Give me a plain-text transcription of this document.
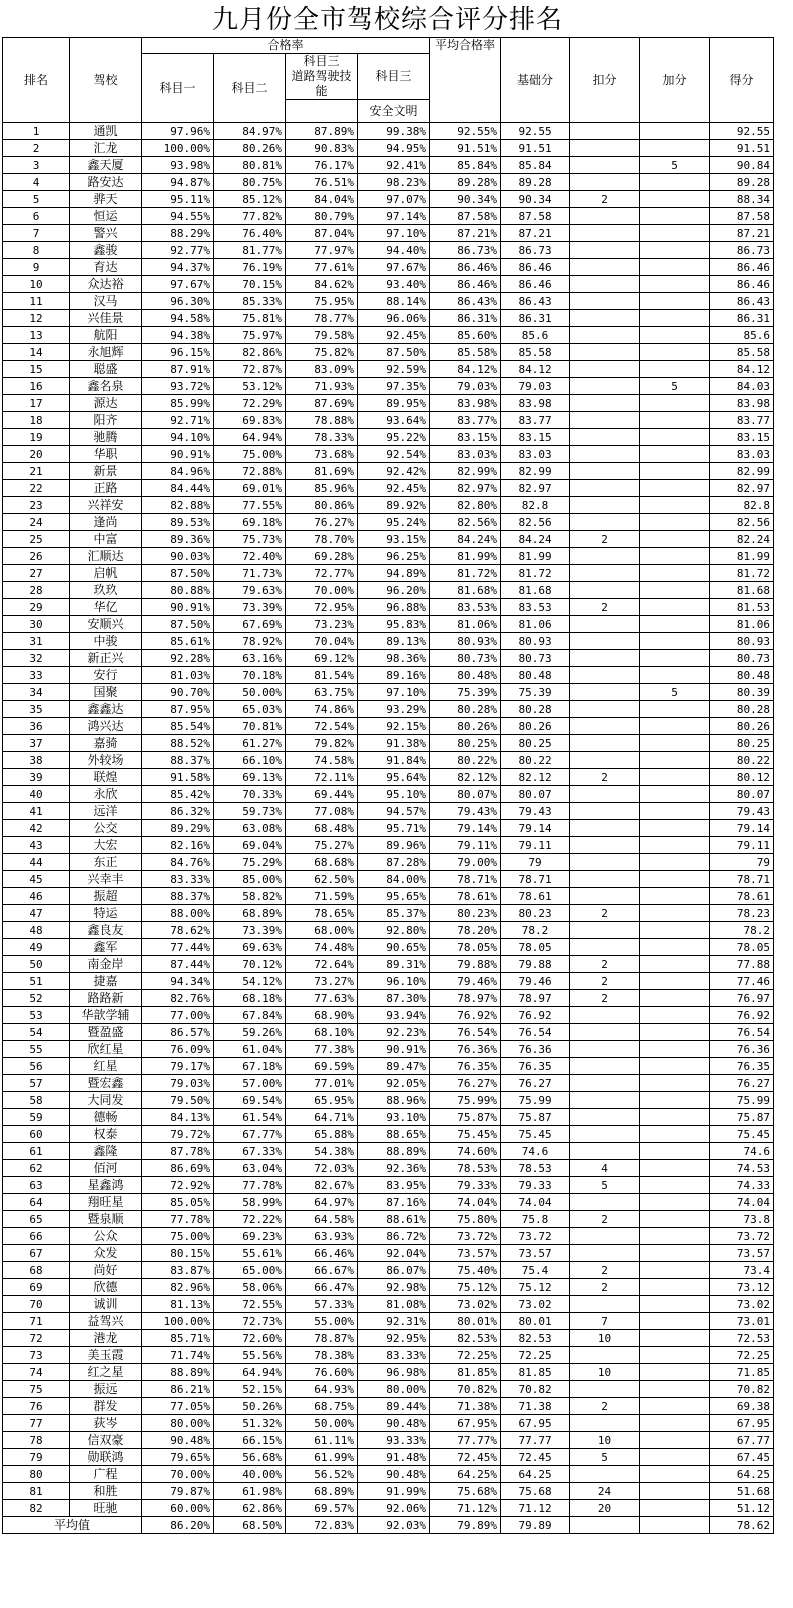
九月份全市驾校综合评分排名
排名	驾校	合格率				平均合格率	基础分	扣分	加分	得分
		科目一	科目二	科目三
道路驾驶技能	科目三					
					安全文明					
1	通凯	97.96%	84.97%	87.89%	99.38%	92.55%	92.55			92.55
2	汇龙	100.00%	80.26%	90.83%	94.95%	91.51%	91.51			91.51
3	鑫天厦	93.98%	80.81%	76.17%	92.41%	85.84%	85.84		5	90.84
4	路安达	94.87%	80.75%	76.51%	98.23%	89.28%	89.28			89.28
5	骅天	95.11%	85.12%	84.04%	97.07%	90.34%	90.34	2		88.34
6	恒运	94.55%	77.82%	80.79%	97.14%	87.58%	87.58			87.58
7	警兴	88.29%	76.40%	87.04%	97.10%	87.21%	87.21			87.21
8	鑫骏	92.77%	81.77%	77.97%	94.40%	86.73%	86.73			86.73
9	育达	94.37%	76.19%	77.61%	97.67%	86.46%	86.46			86.46
10	众达裕	97.67%	70.15%	84.62%	93.40%	86.46%	86.46			86.46
11	汉马	96.30%	85.33%	75.95%	88.14%	86.43%	86.43			86.43
12	兴佳景	94.58%	75.81%	78.77%	96.06%	86.31%	86.31			86.31
13	航阳	94.38%	75.97%	79.58%	92.45%	85.60%	85.6			85.6
14	永旭辉	96.15%	82.86%	75.82%	87.50%	85.58%	85.58			85.58
15	聪盛	87.91%	72.87%	83.09%	92.59%	84.12%	84.12			84.12
16	鑫名泉	93.72%	53.12%	71.93%	97.35%	79.03%	79.03		5	84.03
17	源达	85.99%	72.29%	87.69%	89.95%	83.98%	83.98			83.98
18	阳齐	92.71%	69.83%	78.88%	93.64%	83.77%	83.77			83.77
19	驰腾	94.10%	64.94%	78.33%	95.22%	83.15%	83.15			83.15
20	华职	90.91%	75.00%	73.68%	92.54%	83.03%	83.03			83.03
21	新景	84.96%	72.88%	81.69%	92.42%	82.99%	82.99			82.99
22	正路	84.44%	69.01%	85.96%	92.45%	82.97%	82.97			82.97
23	兴祥安	82.88%	77.55%	80.86%	89.92%	82.80%	82.8			82.8
24	逢尚	89.53%	69.18%	76.27%	95.24%	82.56%	82.56			82.56
25	中富	89.36%	75.73%	78.70%	93.15%	84.24%	84.24	2		82.24
26	汇顺达	90.03%	72.40%	69.28%	96.25%	81.99%	81.99			81.99
27	启帆	87.50%	71.73%	72.77%	94.89%	81.72%	81.72			81.72
28	玖玖	80.88%	79.63%	70.00%	96.20%	81.68%	81.68			81.68
29	华亿	90.91%	73.39%	72.95%	96.88%	83.53%	83.53	2		81.53
30	安顺兴	87.50%	67.69%	73.23%	95.83%	81.06%	81.06			81.06
31	中骏	85.61%	78.92%	70.04%	89.13%	80.93%	80.93			80.93
32	新正兴	92.28%	63.16%	69.12%	98.36%	80.73%	80.73			80.73
33	安行	81.03%	70.18%	81.54%	89.16%	80.48%	80.48			80.48
34	国聚	90.70%	50.00%	63.75%	97.10%	75.39%	75.39		5	80.39
35	鑫鑫达	87.95%	65.03%	74.86%	93.29%	80.28%	80.28			80.28
36	鸿兴达	85.54%	70.81%	72.54%	92.15%	80.26%	80.26			80.26
37	嘉骑	88.52%	61.27%	79.82%	91.38%	80.25%	80.25			80.25
38	外较场	88.37%	66.10%	74.58%	91.84%	80.22%	80.22			80.22
39	联煌	91.58%	69.13%	72.11%	95.64%	82.12%	82.12	2		80.12
40	永欣	85.42%	70.33%	69.44%	95.10%	80.07%	80.07			80.07
41	远洋	86.32%	59.73%	77.08%	94.57%	79.43%	79.43			79.43
42	公交	89.29%	63.08%	68.48%	95.71%	79.14%	79.14			79.14
43	大宏	82.16%	69.04%	75.27%	89.96%	79.11%	79.11			79.11
44	东正	84.76%	75.29%	68.68%	87.28%	79.00%	79			79
45	兴幸丰	83.33%	85.00%	62.50%	84.00%	78.71%	78.71			78.71
46	振超	88.37%	58.82%	71.59%	95.65%	78.61%	78.61			78.61
47	特运	88.00%	68.89%	78.65%	85.37%	80.23%	80.23	2		78.23
48	鑫良友	78.62%	73.39%	68.00%	92.80%	78.20%	78.2			78.2
49	鑫军	77.44%	69.63%	74.48%	90.65%	78.05%	78.05			78.05
50	南金岸	87.44%	70.12%	72.64%	89.31%	79.88%	79.88	2		77.88
51	捷嘉	94.34%	54.12%	73.27%	96.10%	79.46%	79.46	2		77.46
52	路路新	82.76%	68.18%	77.63%	87.30%	78.97%	78.97	2		76.97
53	华歆学辅	77.00%	67.84%	68.90%	93.94%	76.92%	76.92			76.92
54	暨盈盛	86.57%	59.26%	68.10%	92.23%	76.54%	76.54			76.54
55	欣红星	76.09%	61.04%	77.38%	90.91%	76.36%	76.36			76.36
56	红星	79.17%	67.18%	69.59%	89.47%	76.35%	76.35			76.35
57	暨宏鑫	79.03%	57.00%	77.01%	92.05%	76.27%	76.27			76.27
58	大同发	79.50%	69.54%	65.95%	88.96%	75.99%	75.99			75.99
59	德畅	84.13%	61.54%	64.71%	93.10%	75.87%	75.87			75.87
60	权泰	79.72%	67.77%	65.88%	88.65%	75.45%	75.45			75.45
61	鑫隆	87.78%	67.33%	54.38%	88.89%	74.60%	74.6			74.6
62	佰河	86.69%	63.04%	72.03%	92.36%	78.53%	78.53	4		74.53
63	星鑫鸿	72.92%	77.78%	82.67%	83.95%	79.33%	79.33	5		74.33
64	翔旺星	85.05%	58.99%	64.97%	87.16%	74.04%	74.04			74.04
65	暨泉顺	77.78%	72.22%	64.58%	88.61%	75.80%	75.8	2		73.8
66	公众	75.00%	69.23%	63.93%	86.72%	73.72%	73.72			73.72
67	众发	80.15%	55.61%	66.46%	92.04%	73.57%	73.57			73.57
68	尚好	83.87%	65.00%	66.67%	86.07%	75.40%	75.4	2		73.4
69	欣德	82.96%	58.06%	66.47%	92.98%	75.12%	75.12	2		73.12
70	诚训	81.13%	72.55%	57.33%	81.08%	73.02%	73.02			73.02
71	益驾兴	100.00%	72.73%	55.00%	92.31%	80.01%	80.01	7		73.01
72	港龙	85.71%	72.60%	78.87%	92.95%	82.53%	82.53	10		72.53
73	美玉霞	71.74%	55.56%	78.38%	83.33%	72.25%	72.25			72.25
74	红之星	88.89%	64.94%	76.60%	96.98%	81.85%	81.85	10		71.85
75	振远	86.21%	52.15%	64.93%	80.00%	70.82%	70.82			70.82
76	群发	77.05%	50.26%	68.75%	89.44%	71.38%	71.38	2		69.38
77	荻岑	80.00%	51.32%	50.00%	90.48%	67.95%	67.95			67.95
78	信双豪	90.48%	66.15%	61.11%	93.33%	77.77%	77.77	10		67.77
79	勋联鸿	79.65%	56.68%	61.99%	91.48%	72.45%	72.45	5		67.45
80	广程	70.00%	40.00%	56.52%	90.48%	64.25%	64.25			64.25
81	和胜	79.87%	61.98%	68.89%	91.99%	75.68%	75.68	24		51.68
82	旺驰	60.00%	62.86%	69.57%	92.06%	71.12%	71.12	20		51.12
平均值		86.20%	68.50%	72.83%	92.03%	79.89%	79.89			78.62
